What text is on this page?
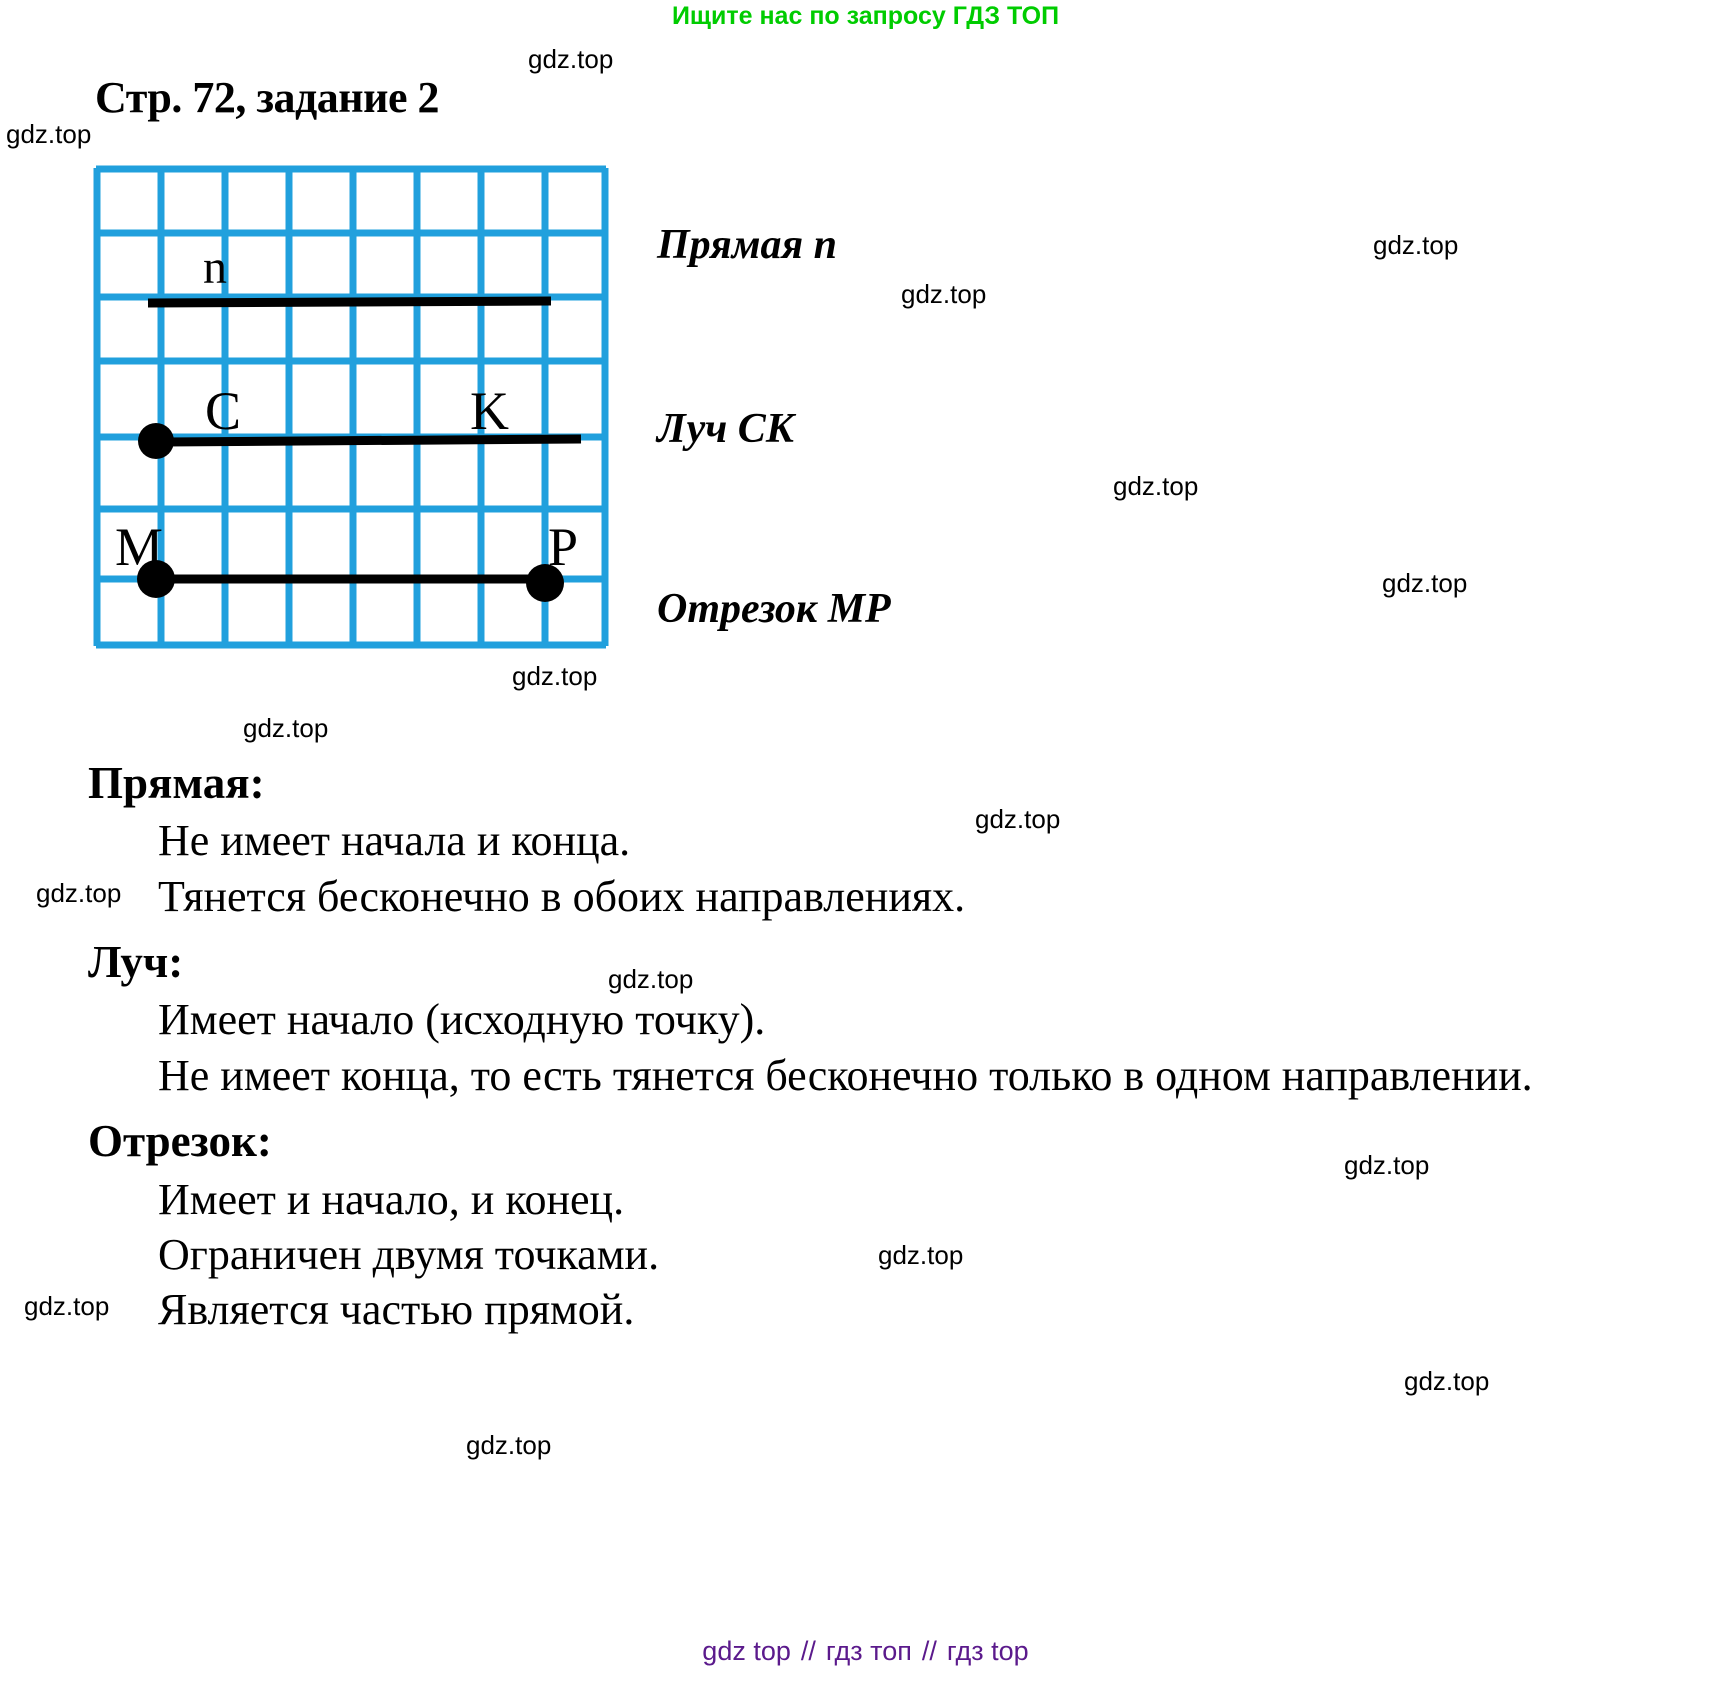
Ищите нас по запросу ГДЗ ТОП
Стр. 72, задание 2
n
C	K
M	P
Прямая n
Луч CK
Отрезок MP
Прямая:
Не имеет начала и конца.
Тянется бесконечно в обоих направлениях.
Луч:
Имеет начало (исходную точку).
Не имеет конца, то есть тянется бесконечно только в одном направлении.
Отрезок:
Имеет и начало, и конец.
Ограничен двумя точками.
Является частью прямой.
gdz.top
gdz.top
gdz.top
gdz.top
gdz.top
gdz.top
gdz.top
gdz.top
gdz.top
gdz.top
gdz.top
gdz.top
gdz.top
gdz.top
gdz.top
gdz.top
gdz top // гдз топ // гдз top
